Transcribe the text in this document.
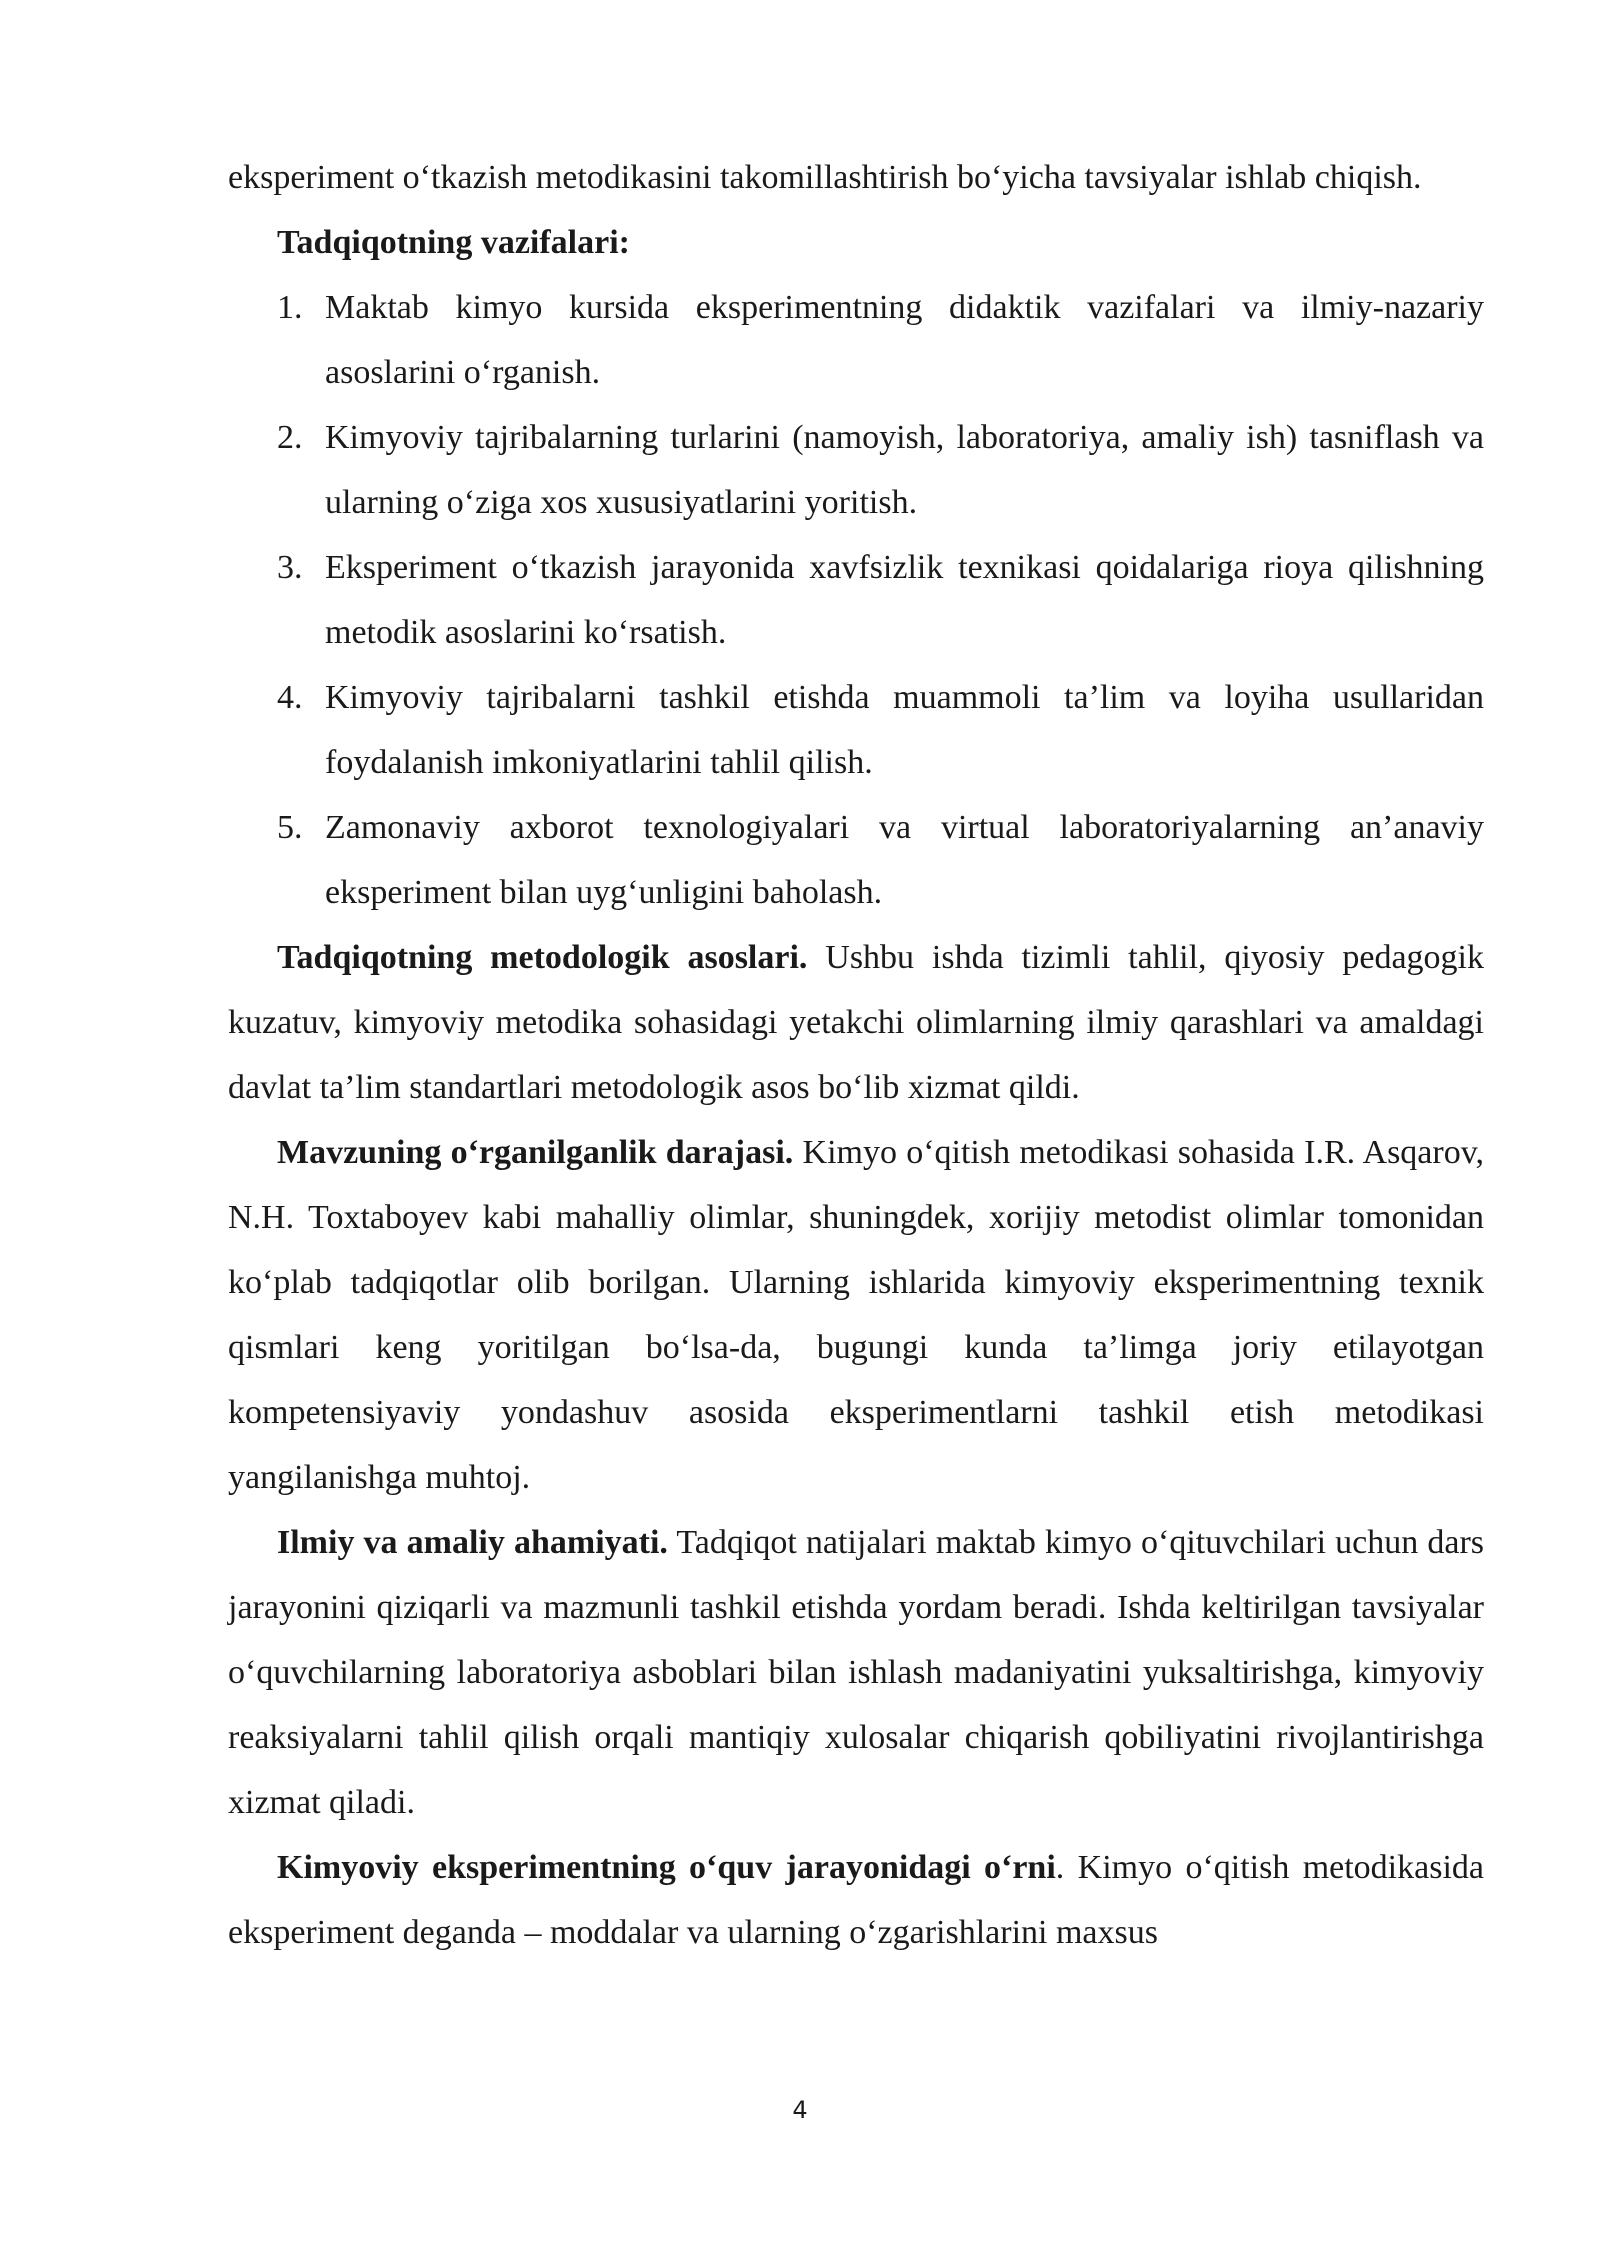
eksperiment o‘tkazish metodikasini takomillashtirish bo‘yicha tavsiyalar ishlab chiqish.

Tadqiqotning vazifalari:

1. Maktab kimyo kursida eksperimentning didaktik vazifalari va ilmiy-nazariy asoslarini o‘rganish.
2. Kimyoviy tajribalarning turlarini (namoyish, laboratoriya, amaliy ish) tasniflash va ularning o‘ziga xos xususiyatlarini yoritish.
3. Eksperiment o‘tkazish jarayonida xavfsizlik texnikasi qoidalariga rioya qilishning metodik asoslarini ko‘rsatish.
4. Kimyoviy tajribalarni tashkil etishda muammoli ta’lim va loyiha usullaridan foydalanish imkoniyatlarini tahlil qilish.
5. Zamonaviy axborot texnologiyalari va virtual laboratoriyalarning an’anaviy eksperiment bilan uyg‘unligini baholash.

Tadqiqotning metodologik asoslari. Ushbu ishda tizimli tahlil, qiyosiy pedagogik kuzatuv, kimyoviy metodika sohasidagi yetakchi olimlarning ilmiy qarashlari va amaldagi davlat ta’lim standartlari metodologik asos bo‘lib xizmat qildi.

Mavzuning o‘rganilganlik darajasi. Kimyo o‘qitish metodikasi sohasida I.R. Asqarov, N.H. Toxtaboyev kabi mahalliy olimlar, shuningdek, xorijiy metodist olimlar tomonidan ko‘plab tadqiqotlar olib borilgan. Ularning ishlarida kimyoviy eksperimentning texnik qismlari keng yoritilgan bo‘lsa-da, bugungi kunda ta’limga joriy etilayotgan kompetensiyaviy yondashuv asosida eksperimentlarni tashkil etish metodikasi yangilanishga muhtoj.

Ilmiy va amaliy ahamiyati. Tadqiqot natijalari maktab kimyo o‘qituvchilari uchun dars jarayonini qiziqarli va mazmunli tashkil etishda yordam beradi. Ishda keltirilgan tavsiyalar o‘quvchilarning laboratoriya asboblari bilan ishlash madaniyatini yuksaltirishga, kimyoviy reaksiyalarni tahlil qilish orqali mantiqiy xulosalar chiqarish qobiliyatini rivojlantirishga xizmat qiladi.

Kimyoviy eksperimentning o‘quv jarayonidagi o‘rni. Kimyo o‘qitish metodikasida eksperiment deganda – moddalar va ularning o‘zgarishlarini maxsus

4
